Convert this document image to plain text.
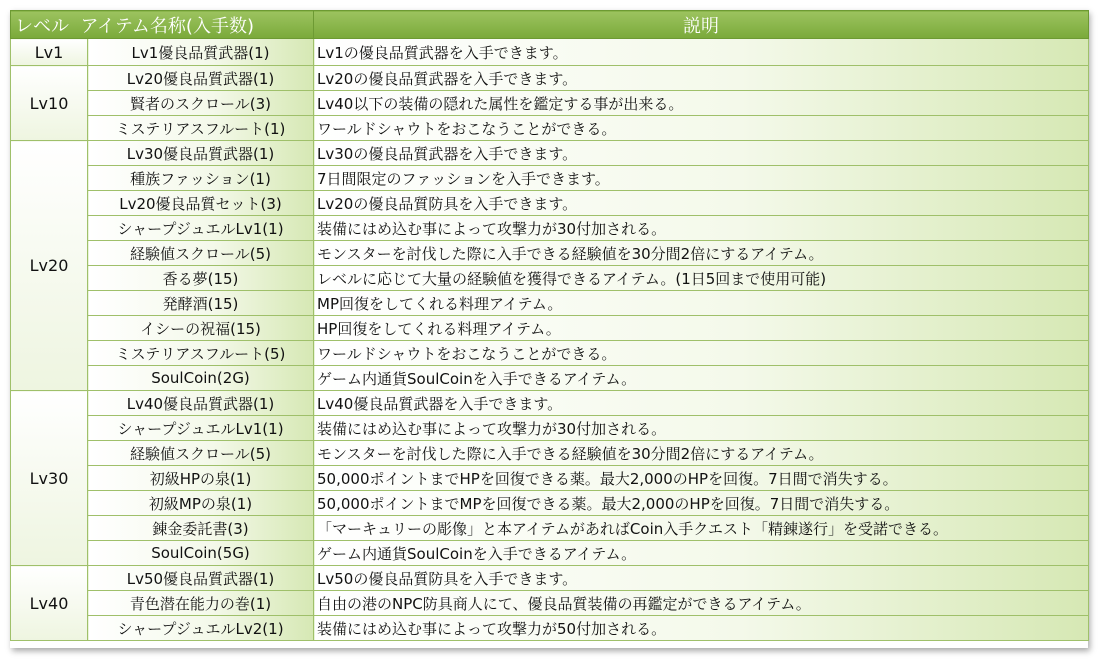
レベル アイテム名称(入手数)		説明
Lv1	Lv1優良品質武器(1)	Lv1の優良品質武器を入手できます。
Lv10	Lv20優良品質武器(1)	Lv20の優良品質武器を入手できます。
	賢者のスクロール(3)	Lv40以下の装備の隠れた属性を鑑定する事が出来る。
	ミステリアスフルート(1)	ワールドシャウトをおこなうことができる。
Lv20	Lv30優良品質武器(1)	Lv30の優良品質武器を入手できます。
	種族ファッション(1)	7日間限定のファッションを入手できます。
	Lv20優良品質セット(3)	Lv20の優良品質防具を入手できます。
	シャープジュエルLv1(1)	装備にはめ込む事によって攻撃力が30付加される。
	経験値スクロール(5)	モンスターを討伐した際に入手できる経験値を30分間2倍にするアイテム。
	香る夢(15)	レベルに応じて大量の経験値を獲得できるアイテム。(1日5回まで使用可能)
	発酵酒(15)	MP回復をしてくれる料理アイテム。
	イシーの祝福(15)	HP回復をしてくれる料理アイテム。
	ミステリアスフルート(5)	ワールドシャウトをおこなうことができる。
	SoulCoin(2G)	ゲーム内通貨SoulCoinを入手できるアイテム。
Lv30	Lv40優良品質武器(1)	Lv40優良品質武器を入手できます。
	シャープジュエルLv1(1)	装備にはめ込む事によって攻撃力が30付加される。
	経験値スクロール(5)	モンスターを討伐した際に入手できる経験値を30分間2倍にするアイテム。
	初級HPの泉(1)	50,000ポイントまでHPを回復できる薬。最大2,000のHPを回復。7日間で消失する。
	初級MPの泉(1)	50,000ポイントまでMPを回復できる薬。最大2,000のHPを回復。7日間で消失する。
	錬金委託書(3)	「マーキュリーの彫像」と本アイテムがあればCoin入手クエスト「精錬遂行」を受諾できる。
	SoulCoin(5G)	ゲーム内通貨SoulCoinを入手できるアイテム。
Lv40	Lv50優良品質武器(1)	Lv50の優良品質防具を入手できます。
	青色潜在能力の巻(1)	自由の港のNPC防具商人にて、優良品質装備の再鑑定ができるアイテム。
	シャープジュエルLv2(1)	装備にはめ込む事によって攻撃力が50付加される。
